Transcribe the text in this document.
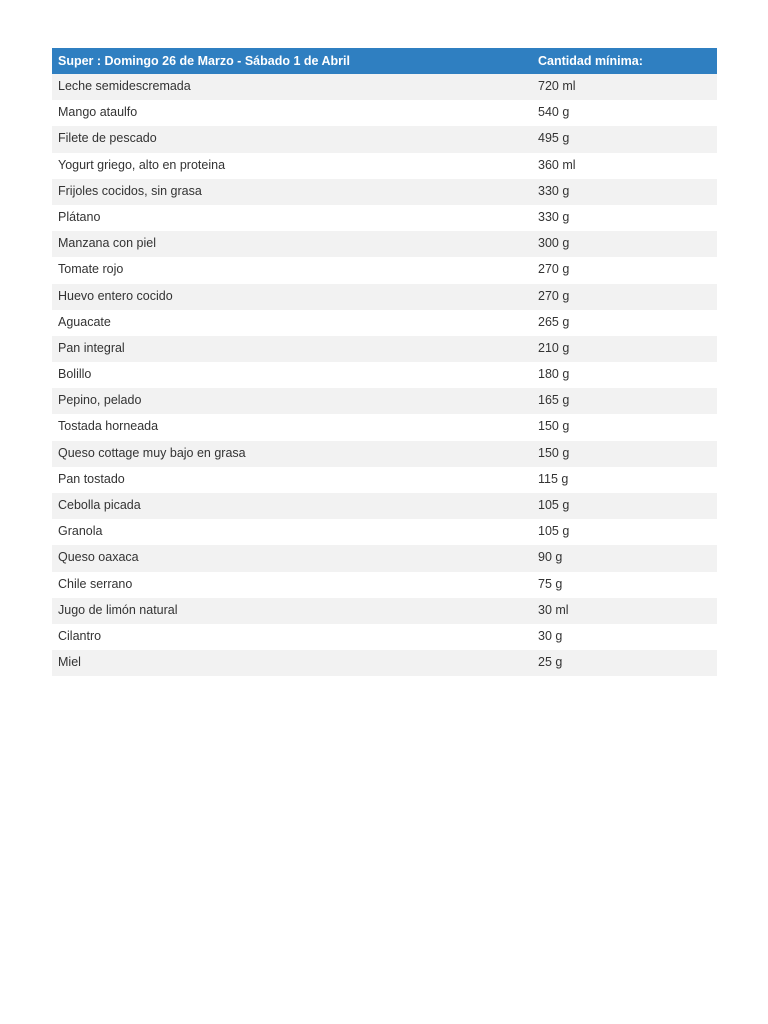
Super : Domingo 26 de Marzo - Sábado 1 de Abril	Cantidad mínima:

Leche semidescremada	720 ml

Mango ataulfo	540 g

Filete de pescado	495 g

Yogurt griego, alto en proteina	360 ml

Frijoles cocidos, sin grasa	330 g

Plátano	330 g

Manzana con piel	300 g

Tomate rojo	270 g

Huevo entero cocido	270 g

Aguacate	265 g

Pan integral	210 g

Bolillo	180 g

Pepino, pelado	165 g

Tostada horneada	150 g

Queso cottage muy bajo en grasa	150 g

Pan tostado	115 g

Cebolla picada	105 g

Granola	105 g

Queso oaxaca	90 g

Chile serrano	75 g

Jugo de limón natural	30 ml

Cilantro	30 g

Miel	25 g
